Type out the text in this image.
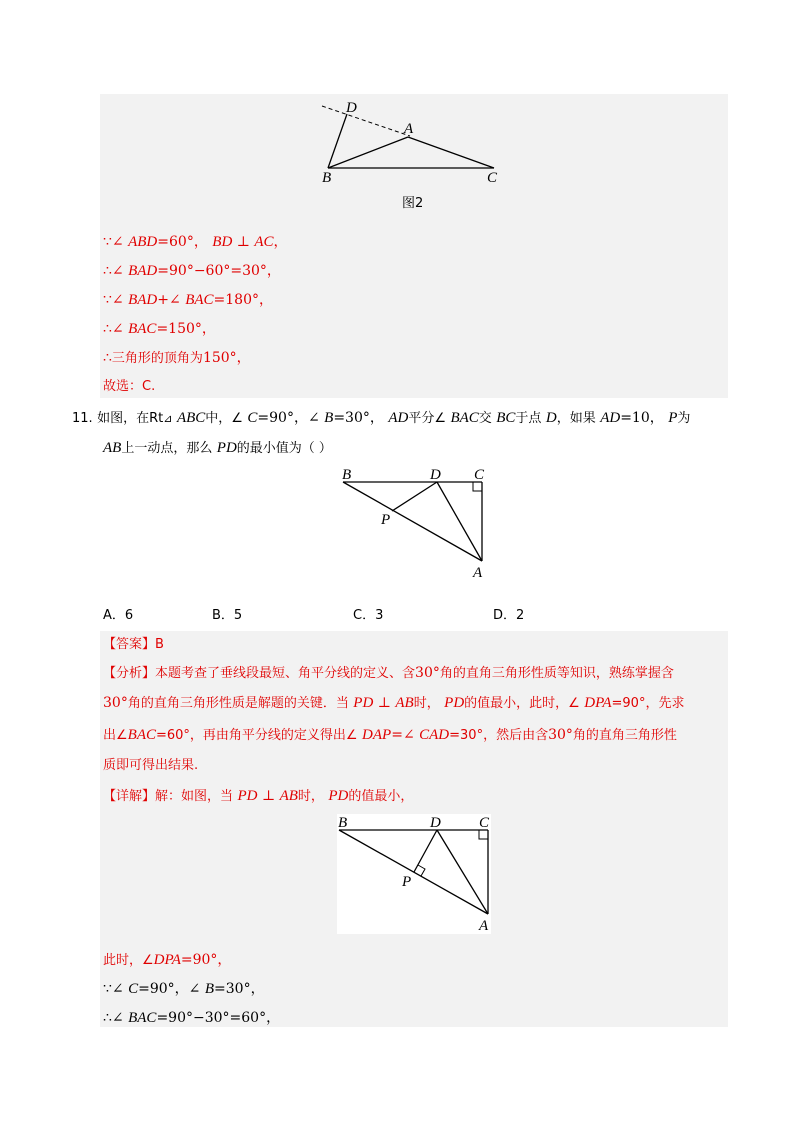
D
A
B	C
图2
∵∠ ABD=60°， BD ⊥ AC，
∴∠ BAD=90°−60°=30°，
∵∠ BAD+∠ BAC=180°，
∴∠ BAC=150°，
∴三角形的顶角为150°，
故选：C.
11. 如图，在Rt⊿ ABC中，∠ C=90°，∠ B=30°， AD平分∠ BAC交 BC于点 D，如果 AD=10， P为
AB上一动点，那么 PD的最小值为（ ）
B	D C
P
A
A．6	B．5	C．3	D．2
【答案】B
【分析】本题考查了垂线段最短、角平分线的定义、含30°角的直角三角形性质等知识，熟练掌握含
30°角的直角三角形性质是解题的关键．当 PD ⊥ AB时， PD的值最小，此时，∠ DPA=90°，先求
出∠BAC=60°，再由角平分线的定义得出∠ DAP=∠ CAD=30°，然后由含30°角的直角三角形性
质即可得出结果.
【详解】解：如图，当 PD ⊥ AB时， PD的值最小，
B	D	C
P
A
此时，∠DPA=90°，
∵∠ C=90°，∠ B=30°，
∴∠ BAC=90°−30°=60°，
